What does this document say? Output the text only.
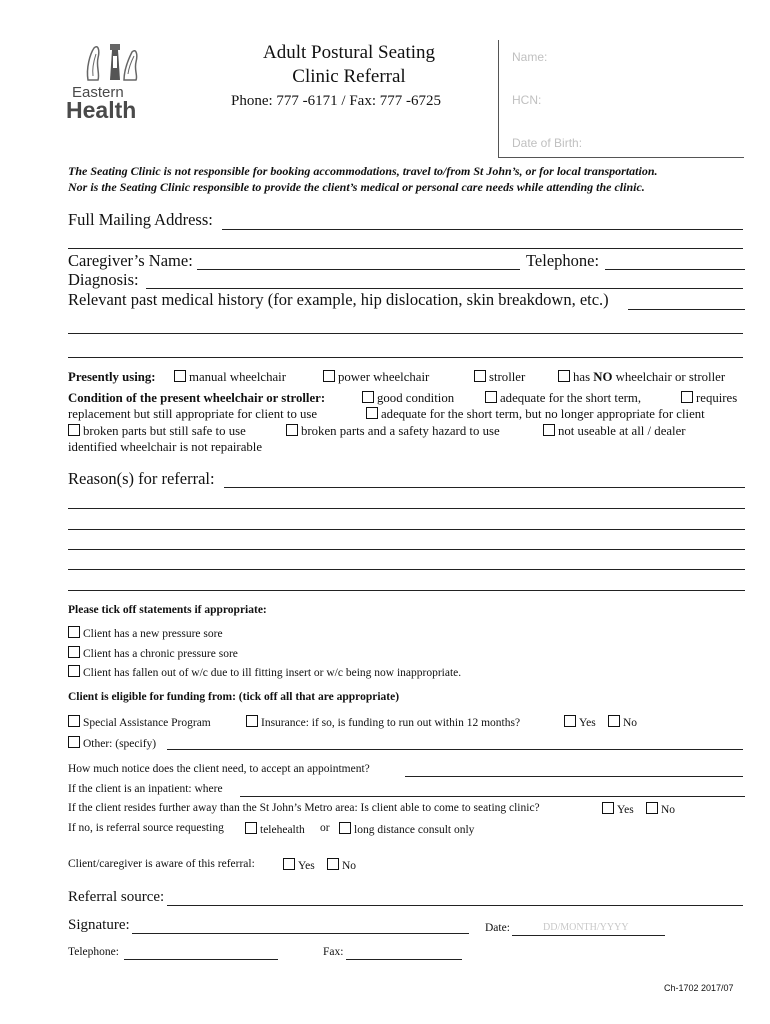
Eastern
Health
Adult Postural Seating
Clinic Referral
Phone: 777 -6171 / Fax: 777 -6725
Name:
HCN:
Date of Birth:
The Seating Clinic is not responsible for booking accommodations, travel to/from St John’s, or for local transportation.
Nor is the Seating Clinic responsible to provide the client’s medical or personal care needs while attending the clinic.
Full Mailing Address:
Caregiver’s Name:	Telephone:
Diagnosis:
Relevant past medical history (for example, hip dislocation, skin breakdown, etc.)
Presently using:	manual wheelchair	power wheelchair	stroller	has NO wheelchair or stroller
Condition of the present wheelchair or stroller:	good condition	adequate for the short term,	requires
replacement but still appropriate for client to use	adequate for the short term, but no longer appropriate for client
broken parts but still safe to use	broken parts and a safety hazard to use	not useable at all / dealer
identified wheelchair is not repairable
Reason(s) for referral:
Please tick off statements if appropriate:
Client has a new pressure sore
Client has a chronic pressure sore
Client has fallen out of w/c due to ill fitting insert or w/c being now inappropriate.
Client is eligible for funding from: (tick off all that are appropriate)
Special Assistance Program	Insurance: if so, is funding to run out within 12 months?	Yes	No
Other: (specify)
How much notice does the client need, to accept an appointment?
If the client is an inpatient: where
If the client resides further away than the St John’s Metro area: Is client able to come to seating clinic?	Yes	No
If no, is referral source requesting	telehealth or	long distance consult only
Client/caregiver is aware of this referral:	Yes	No
Referral source:
Signature:	Date:	DD/MONTH/YYYY
Telephone:	Fax:
Ch-1702 2017/07
